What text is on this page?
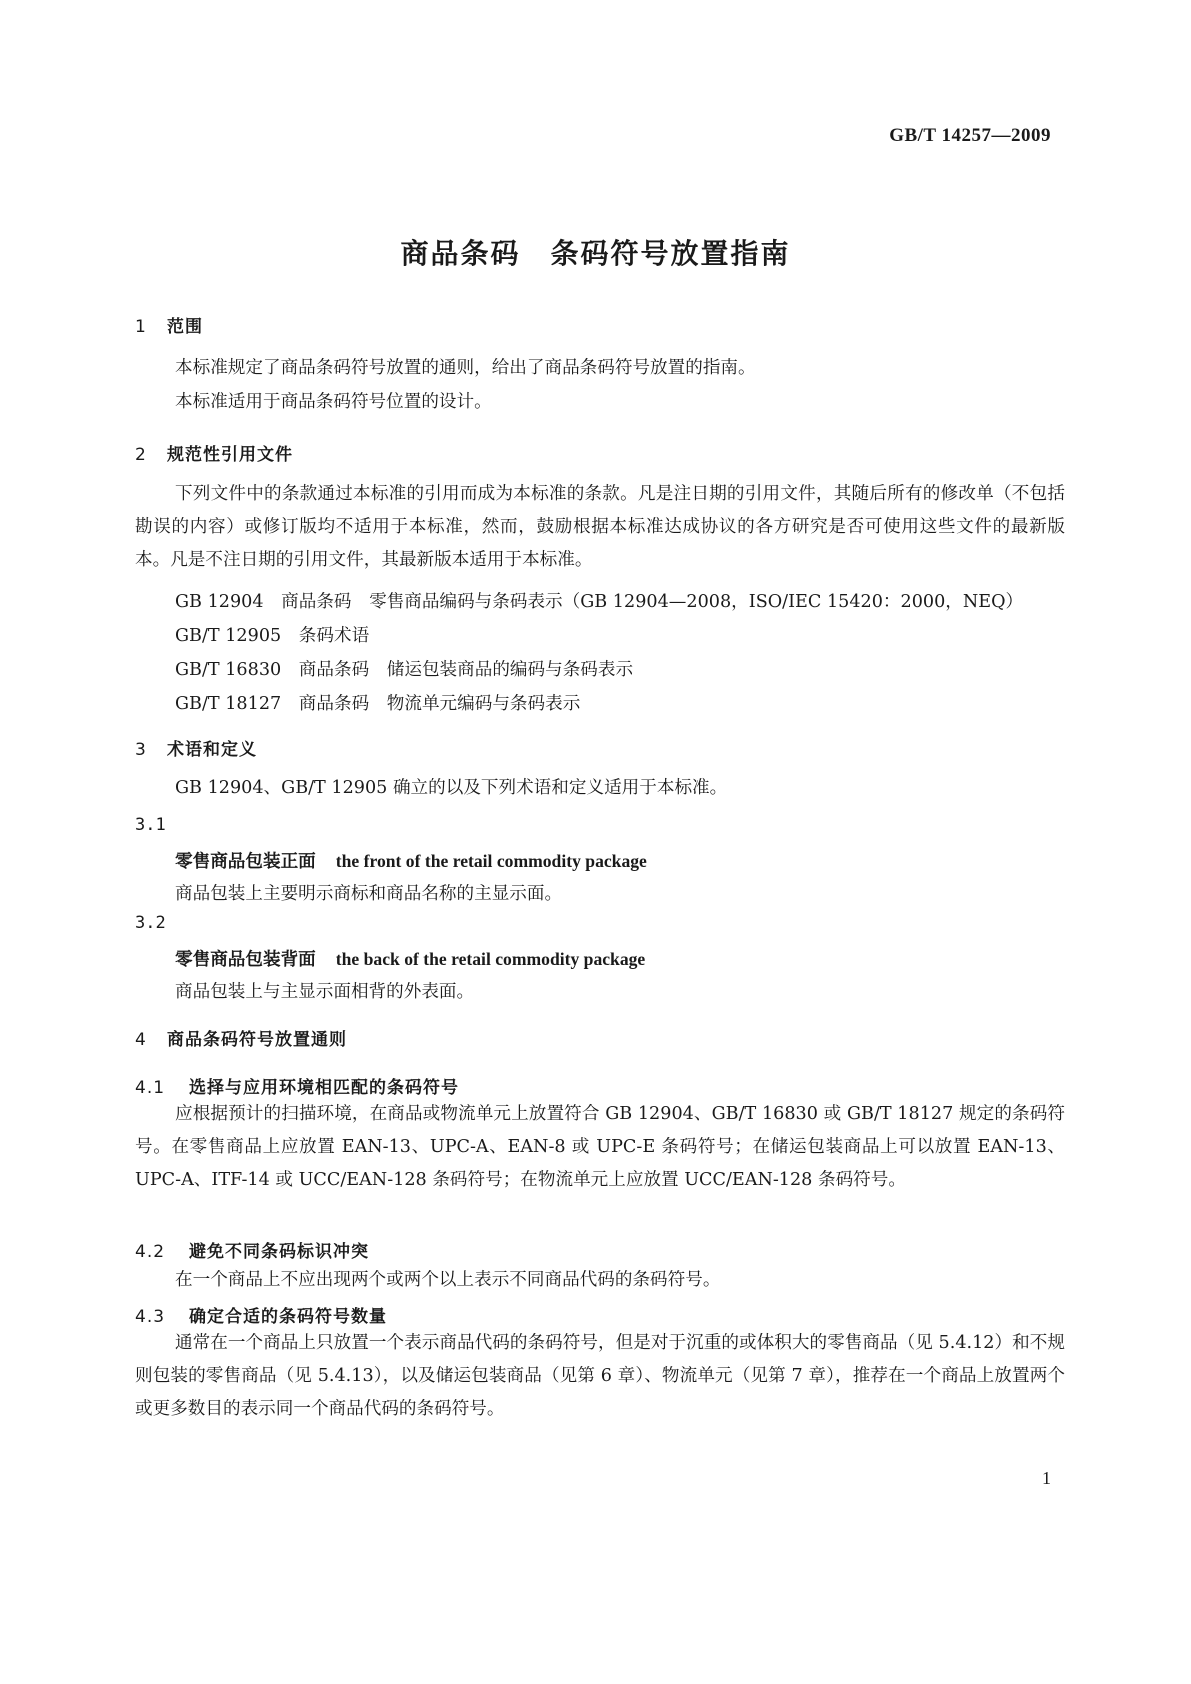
GB/T 14257—2009
商品条码　条码符号放置指南
1 范围
本标准规定了商品条码符号放置的通则，给出了商品条码符号放置的指南。
本标准适用于商品条码符号位置的设计。
2 规范性引用文件
下列文件中的条款通过本标准的引用而成为本标准的条款。凡是注日期的引用文件，其随后所有的修改单（不包括勘误的内容）或修订版均不适用于本标准，然而，鼓励根据本标准达成协议的各方研究是否可使用这些文件的最新版本。凡是不注日期的引用文件，其最新版本适用于本标准。
GB 12904　商品条码　零售商品编码与条码表示（GB 12904—2008，ISO/IEC 15420：2000，NEQ）
GB/T 12905　条码术语
GB/T 16830　商品条码　储运包装商品的编码与条码表示
GB/T 18127　商品条码　物流单元编码与条码表示
3 术语和定义
GB 12904、GB/T 12905 确立的以及下列术语和定义适用于本标准。
3.1
零售商品包装正面 the front of the retail commodity package
商品包装上主要明示商标和商品名称的主显示面。
3.2
零售商品包装背面 the back of the retail commodity package
商品包装上与主显示面相背的外表面。
4 商品条码符号放置通则
4.1 选择与应用环境相匹配的条码符号
应根据预计的扫描环境，在商品或物流单元上放置符合 GB 12904、GB/T 16830 或 GB/T 18127 规定的条码符号。在零售商品上应放置 EAN-13、UPC-A、EAN-8 或 UPC-E 条码符号；在储运包装商品上可以放置 EAN-13、UPC-A、ITF-14 或 UCC/EAN-128 条码符号；在物流单元上应放置 UCC/EAN-128 条码符号。
4.2 避免不同条码标识冲突
在一个商品上不应出现两个或两个以上表示不同商品代码的条码符号。
4.3 确定合适的条码符号数量
通常在一个商品上只放置一个表示商品代码的条码符号，但是对于沉重的或体积大的零售商品（见 5.4.12）和不规则包装的零售商品（见 5.4.13），以及储运包装商品（见第 6 章）、物流单元（见第 7 章），推荐在一个商品上放置两个或更多数目的表示同一个商品代码的条码符号。
1
